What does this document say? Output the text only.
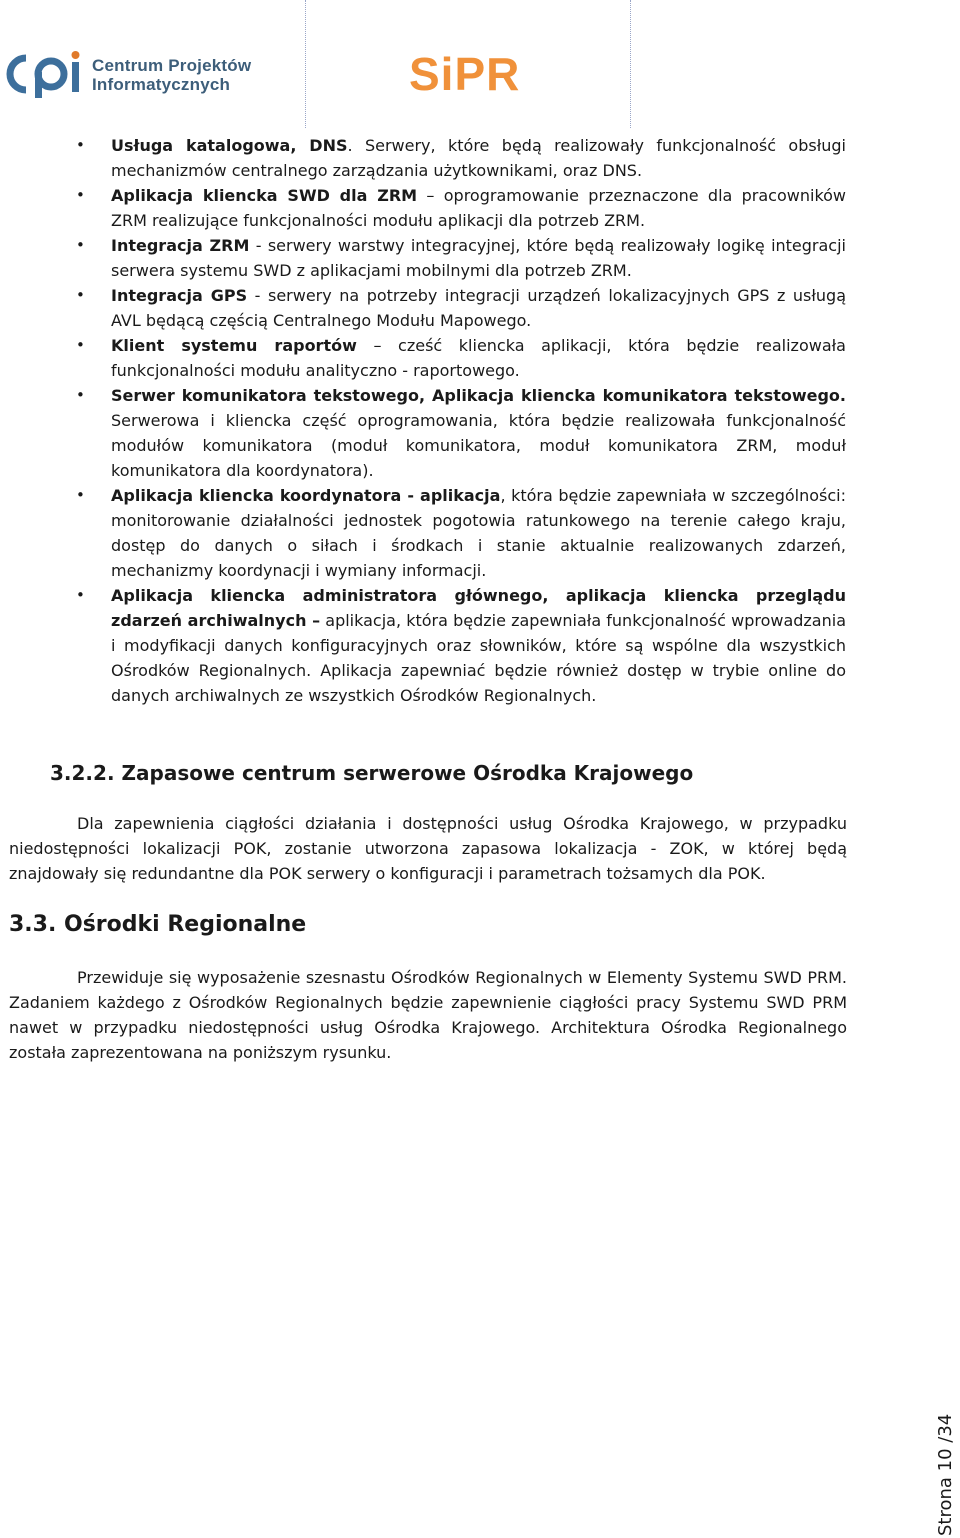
Centrum Projektów
Informatycznych	SiPR
• Usługa katalogowa, DNS. Serwery, które będą realizowały funkcjonalność obsługi mechanizmów centralnego zarządzania użytkownikami, oraz DNS.
• Aplikacja kliencka SWD dla ZRM – oprogramowanie przeznaczone dla pracowników ZRM realizujące funkcjonalności modułu aplikacji dla potrzeb ZRM.
• Integracja ZRM - serwery warstwy integracyjnej, które będą realizowały logikę integracji serwera systemu SWD z aplikacjami mobilnymi dla potrzeb ZRM.
• Integracja GPS - serwery na potrzeby integracji urządzeń lokalizacyjnych GPS z usługą AVL będącą częścią Centralnego Modułu Mapowego.
• Klient systemu raportów – cześć kliencka aplikacji, która będzie realizowała funkcjonalności modułu analityczno - raportowego.
• Serwer komunikatora tekstowego, Aplikacja kliencka komunikatora tekstowego. Serwerowa i kliencka część oprogramowania, która będzie realizowała funkcjonalność modułów komunikatora (moduł komunikatora, moduł komunikatora ZRM, moduł komunikatora dla koordynatora).
• Aplikacja kliencka koordynatora - aplikacja, która będzie zapewniała w szczególności: monitorowanie działalności jednostek pogotowia ratunkowego na terenie całego kraju, dostęp do danych o siłach i środkach i stanie aktualnie realizowanych zdarzeń, mechanizmy koordynacji i wymiany informacji.
• Aplikacja kliencka administratora głównego, aplikacja kliencka przeglądu zdarzeń archiwalnych – aplikacja, która będzie zapewniała funkcjonalność wprowadzania i modyfikacji danych konfiguracyjnych oraz słowników, które są wspólne dla wszystkich Ośrodków Regionalnych. Aplikacja zapewniać będzie również dostęp w trybie online do danych archiwalnych ze wszystkich Ośrodków Regionalnych.
3.2.2. Zapasowe centrum serwerowe Ośrodka Krajowego

Dla zapewnienia ciągłości działania i dostępności usług Ośrodka Krajowego, w przypadku niedostępności lokalizacji POK, zostanie utworzona zapasowa lokalizacja - ZOK, w której będą znajdowały się redundantne dla POK serwery o konfiguracji i parametrach tożsamych dla POK.

3.3. Ośrodki Regionalne

Przewiduje się wyposażenie szesnastu Ośrodków Regionalnych w Elementy Systemu SWD PRM. Zadaniem każdego z Ośrodków Regionalnych będzie zapewnienie ciągłości pracy Systemu SWD PRM nawet w przypadku niedostępności usług Ośrodka Krajowego. Architektura Ośrodka Regionalnego została zaprezentowana na poniższym rysunku.

Strona 10 /34
